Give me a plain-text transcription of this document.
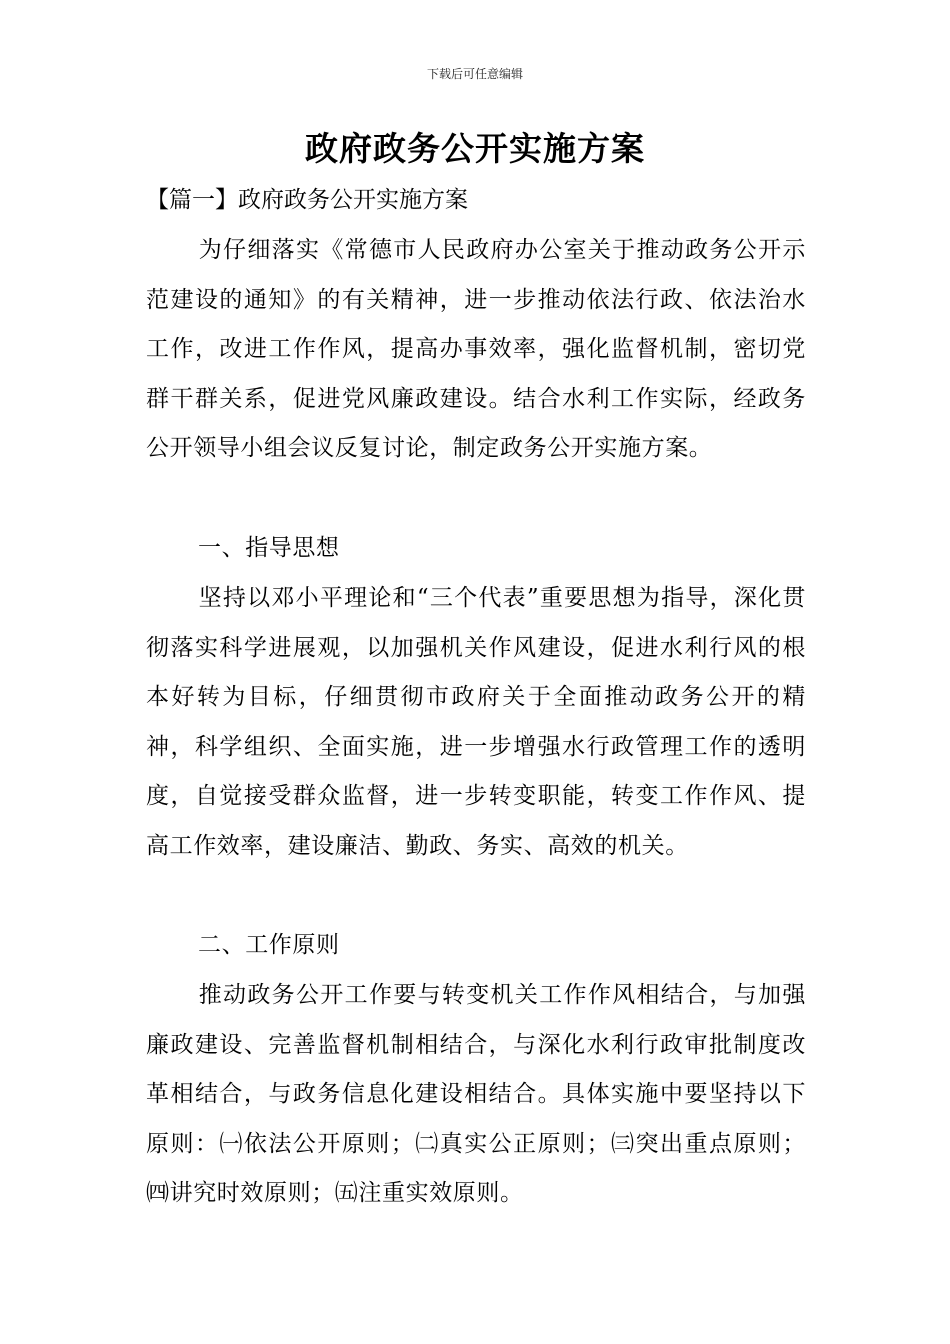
下载后可任意编辑
政府政务公开实施方案
【篇一】政府政务公开实施方案

为仔细落实《常德市人民政府办公室关于推动政务公开示范建设的通知》的有关精神，进一步推动依法行政、依法治水工作，改进工作作风，提高办事效率，强化监督机制，密切党群干群关系，促进党风廉政建设。结合水利工作实际，经政务公开领导小组会议反复讨论，制定政务公开实施方案。

一、指导思想

坚持以邓小平理论和“三个代表”重要思想为指导，深化贯彻落实科学进展观，以加强机关作风建设，促进水利行风的根本好转为目标，仔细贯彻市政府关于全面推动政务公开的精神，科学组织、全面实施，进一步增强水行政管理工作的透明度，自觉接受群众监督，进一步转变职能，转变工作作风、提高工作效率，建设廉洁、勤政、务实、高效的机关。

二、工作原则

推动政务公开工作要与转变机关工作作风相结合，与加强廉政建设、完善监督机制相结合，与深化水利行政审批制度改革相结合，与政务信息化建设相结合。具体实施中要坚持以下原则：㈠依法公开原则；㈡真实公正原则；㈢突出重点原则；㈣讲究时效原则；㈤注重实效原则。
